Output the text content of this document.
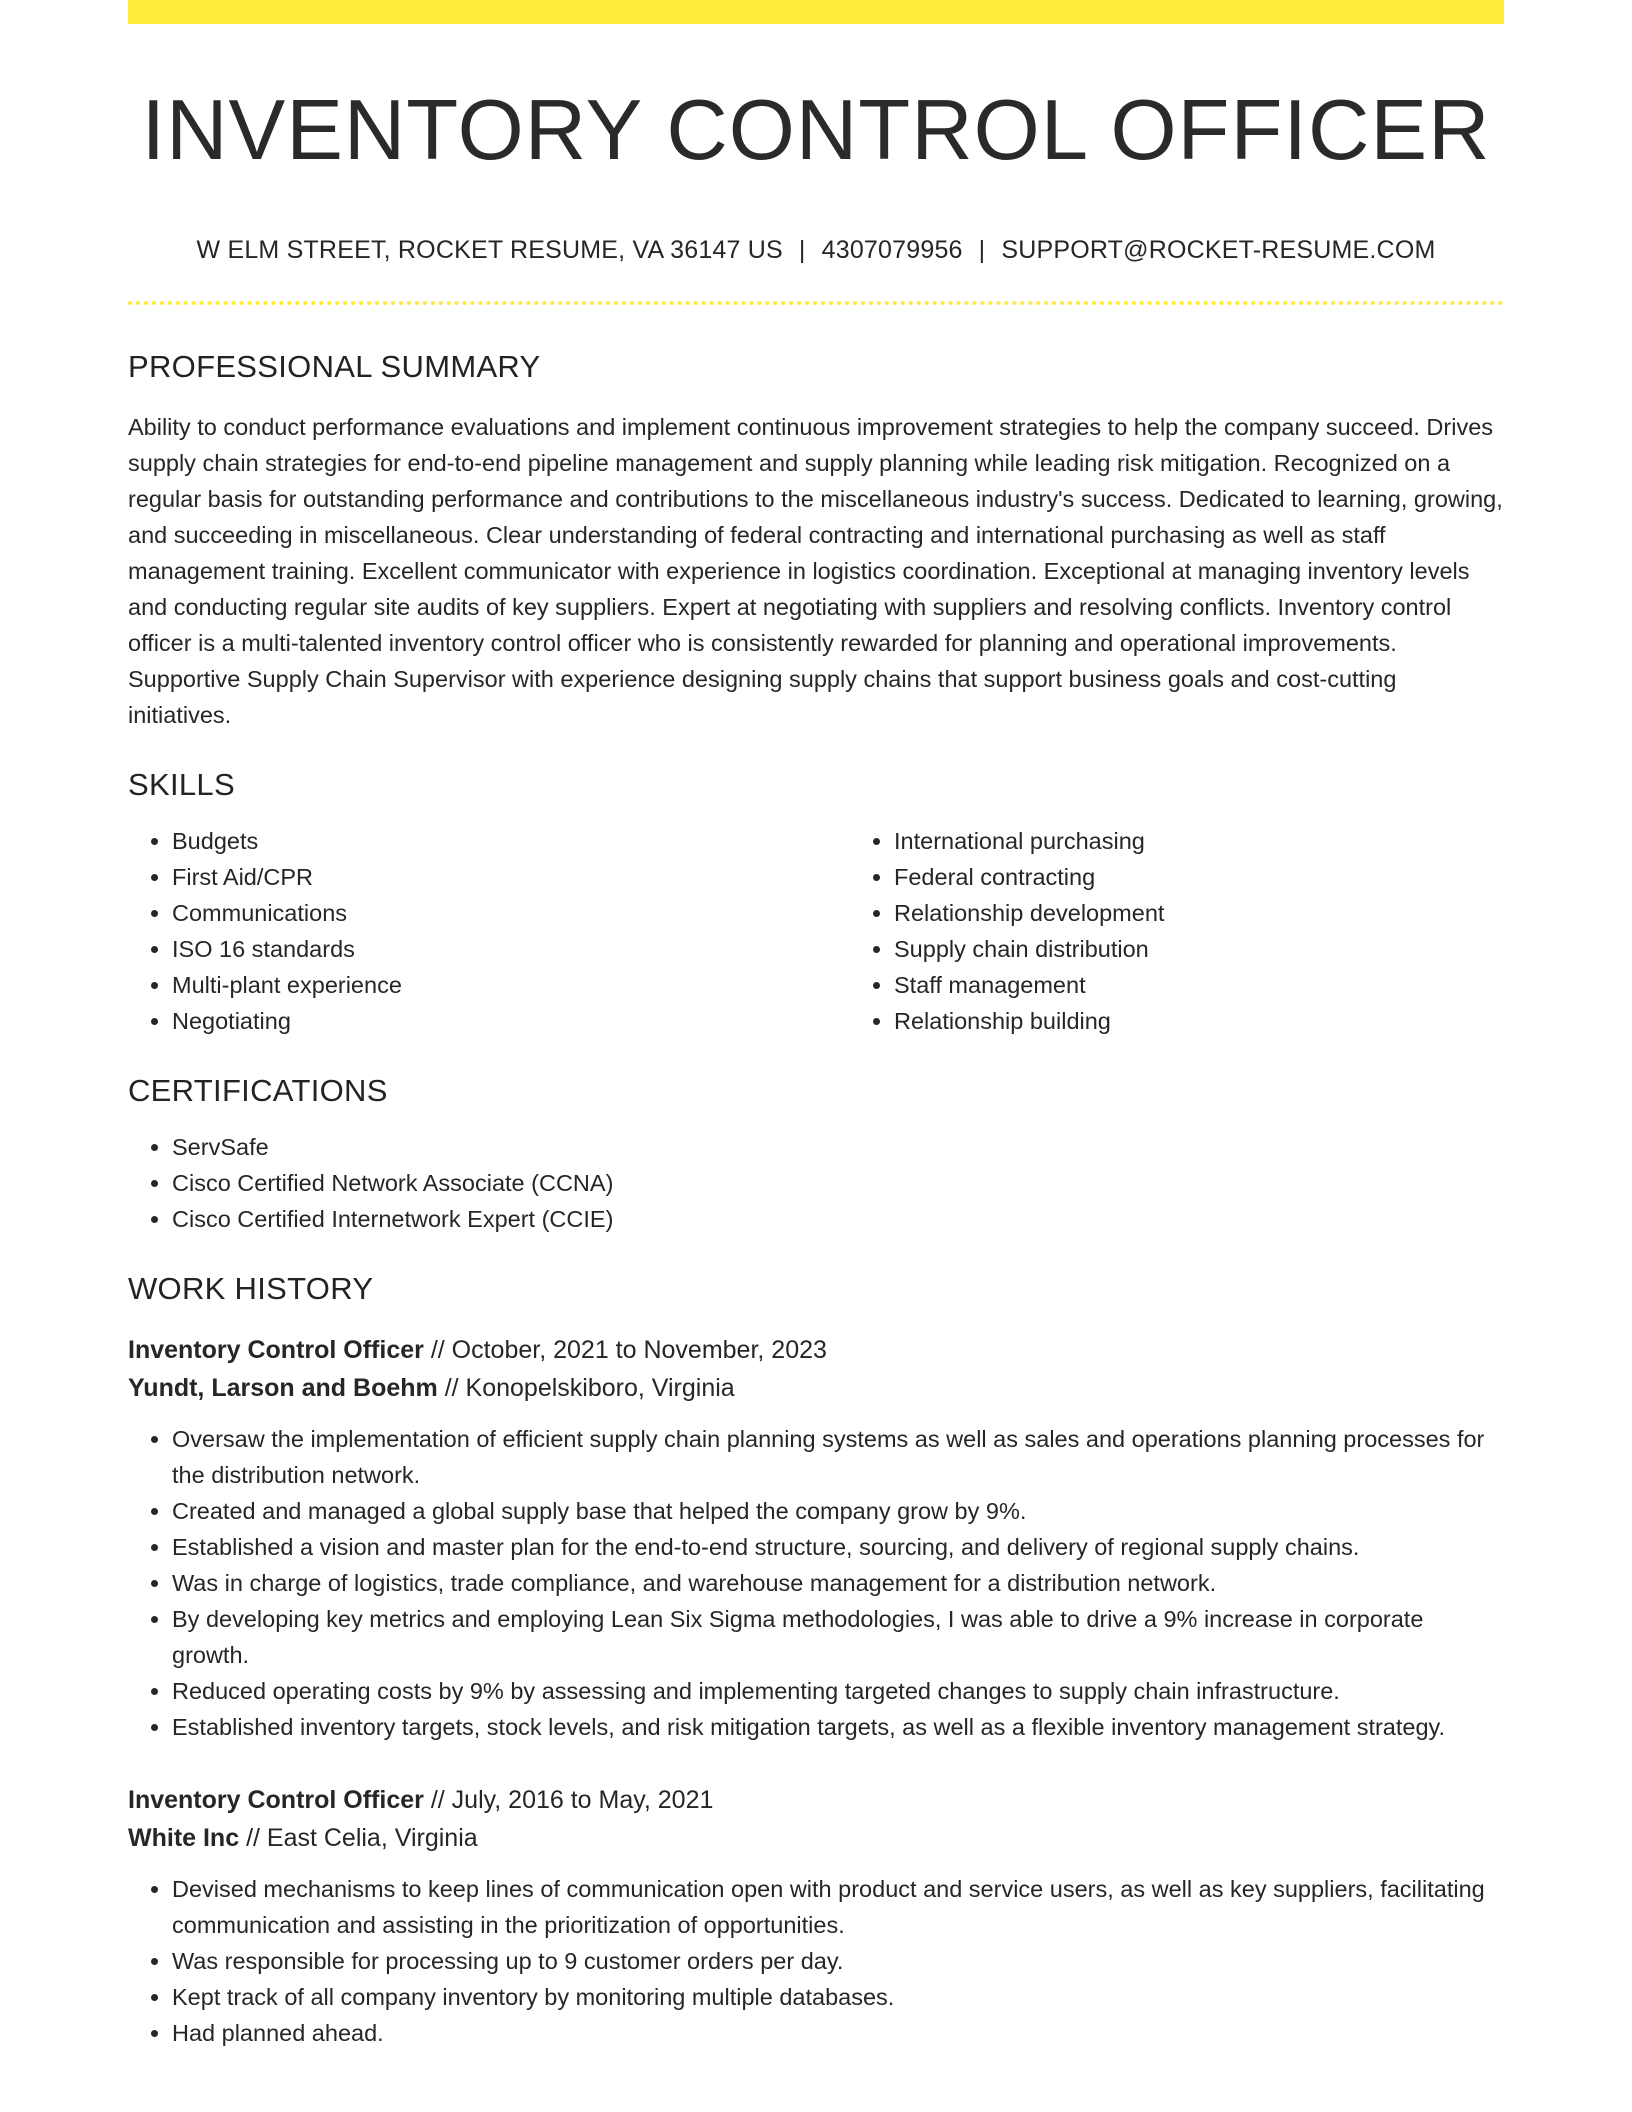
INVENTORY CONTROL OFFICER
W ELM STREET, ROCKET RESUME, VA 36147 US | 4307079956 | SUPPORT@ROCKET-RESUME.COM
PROFESSIONAL SUMMARY
Ability to conduct performance evaluations and implement continuous improvement strategies to help the company succeed. Drives supply chain strategies for end-to-end pipeline management and supply planning while leading risk mitigation. Recognized on a regular basis for outstanding performance and contributions to the miscellaneous industry's success. Dedicated to learning, growing, and succeeding in miscellaneous. Clear understanding of federal contracting and international purchasing as well as staff management training. Excellent communicator with experience in logistics coordination. Exceptional at managing inventory levels and conducting regular site audits of key suppliers. Expert at negotiating with suppliers and resolving conflicts. Inventory control officer is a multi-talented inventory control officer who is consistently rewarded for planning and operational improvements. Supportive Supply Chain Supervisor with experience designing supply chains that support business goals and cost-cutting initiatives.
SKILLS
• Budgets
• First Aid/CPR
• Communications
• ISO 16 standards
• Multi-plant experience
• Negotiating
• International purchasing
• Federal contracting
• Relationship development
• Supply chain distribution
• Staff management
• Relationship building
CERTIFICATIONS
• ServSafe
• Cisco Certified Network Associate (CCNA)
• Cisco Certified Internetwork Expert (CCIE)
WORK HISTORY
Inventory Control Officer // October, 2021 to November, 2023
Yundt, Larson and Boehm // Konopelskiboro, Virginia
• Oversaw the implementation of efficient supply chain planning systems as well as sales and operations planning processes for the distribution network.
• Created and managed a global supply base that helped the company grow by 9%.
• Established a vision and master plan for the end-to-end structure, sourcing, and delivery of regional supply chains.
• Was in charge of logistics, trade compliance, and warehouse management for a distribution network.
• By developing key metrics and employing Lean Six Sigma methodologies, I was able to drive a 9% increase in corporate growth.
• Reduced operating costs by 9% by assessing and implementing targeted changes to supply chain infrastructure.
• Established inventory targets, stock levels, and risk mitigation targets, as well as a flexible inventory management strategy.
Inventory Control Officer // July, 2016 to May, 2021
White Inc // East Celia, Virginia
• Devised mechanisms to keep lines of communication open with product and service users, as well as key suppliers, facilitating communication and assisting in the prioritization of opportunities.
• Was responsible for processing up to 9 customer orders per day.
• Kept track of all company inventory by monitoring multiple databases.
• Had planned ahead.
